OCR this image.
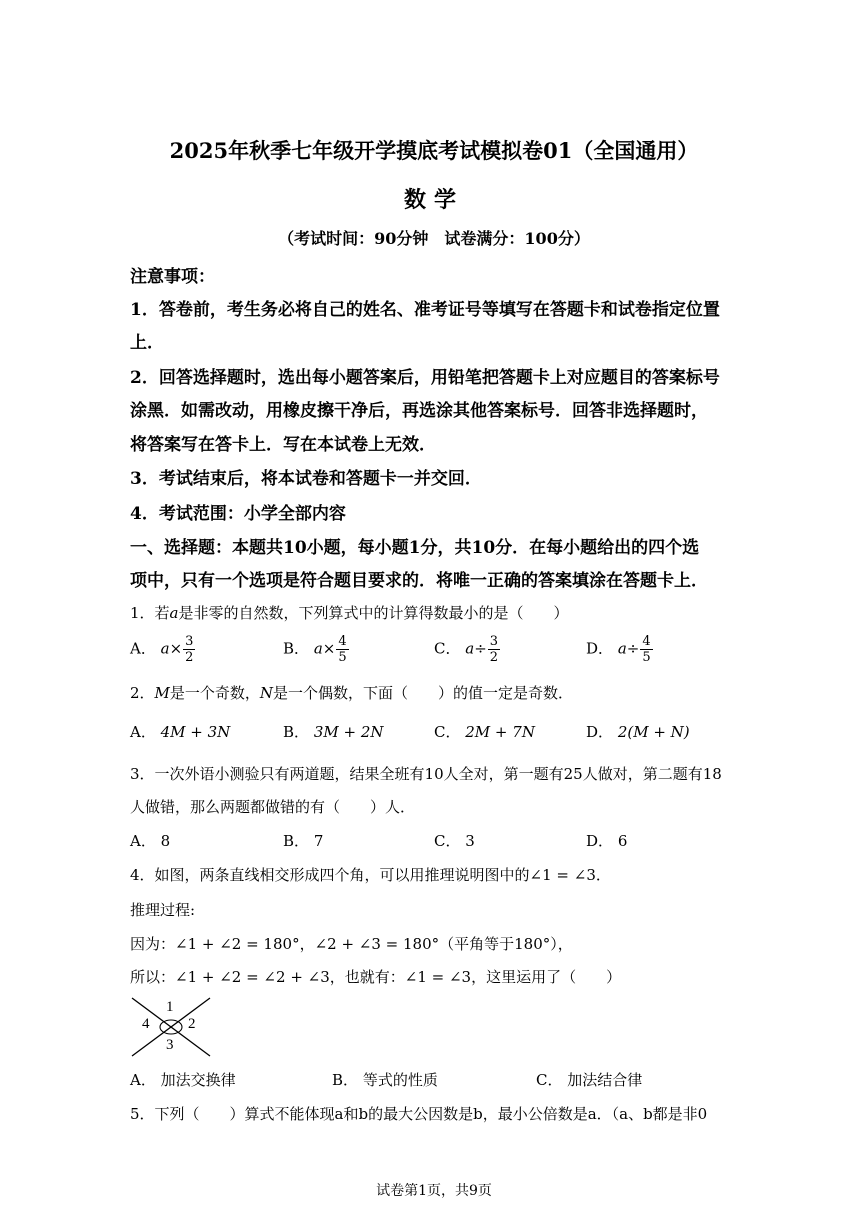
2025年秋季七年级开学摸底考试模拟卷01（全国通用）
数学
（考试时间：90分钟　试卷满分：100分）
注意事项：
1．答卷前，考生务必将自己的姓名、准考证号等填写在答题卡和试卷指定位置
上．
2．回答选择题时，选出每小题答案后，用铅笔把答题卡上对应题目的答案标号
涂黑．如需改动，用橡皮擦干净后，再选涂其他答案标号．回答非选择题时，
将答案写在答卡上．写在本试卷上无效．
3．考试结束后，将本试卷和答题卡一并交回．
4．考试范围：小学全部内容
一、选择题：本题共10小题，每小题1分，共10分．在每小题给出的四个选
项中，只有一个选项是符合题目要求的．将唯一正确的答案填涂在答题卡上．
1．若a是非零的自然数，下列算式中的计算得数最小的是（　　）
A． $a\times \frac{3}{2}$	B． $a\times \frac{4}{5}$	C． $a\div \frac{3}{2}$	D． $a\div \frac{4}{5}$
2．M是一个奇数，N是一个偶数，下面（　　）的值一定是奇数．
A． 4M + 3N	B． 3M + 2N	C． 2M + 7N	D． 2(M + N)
3．一次外语小测验只有两道题，结果全班有10人全对，第一题有25人做对，第二题有18
人做错，那么两题都做错的有（　　）人．
A． 8	B． 7	C． 3	D． 6
4．如图，两条直线相交形成四个角，可以用推理说明图中的∠1 = ∠3．
推理过程:
因为：∠1 + ∠2 = 180°，∠2 + ∠3 = 180°（平角等于180°），
所以：∠1 + ∠2 = ∠2 + ∠3，也就有：∠1 = ∠3，这里运用了（　　）
1
2
3
4
A． 加法交换律	B． 等式的性质	C． 加法结合律
5．下列（　　）算式不能体现a和b的最大公因数是b，最小公倍数是a．（a、b都是非0
试卷第1页，共9页
